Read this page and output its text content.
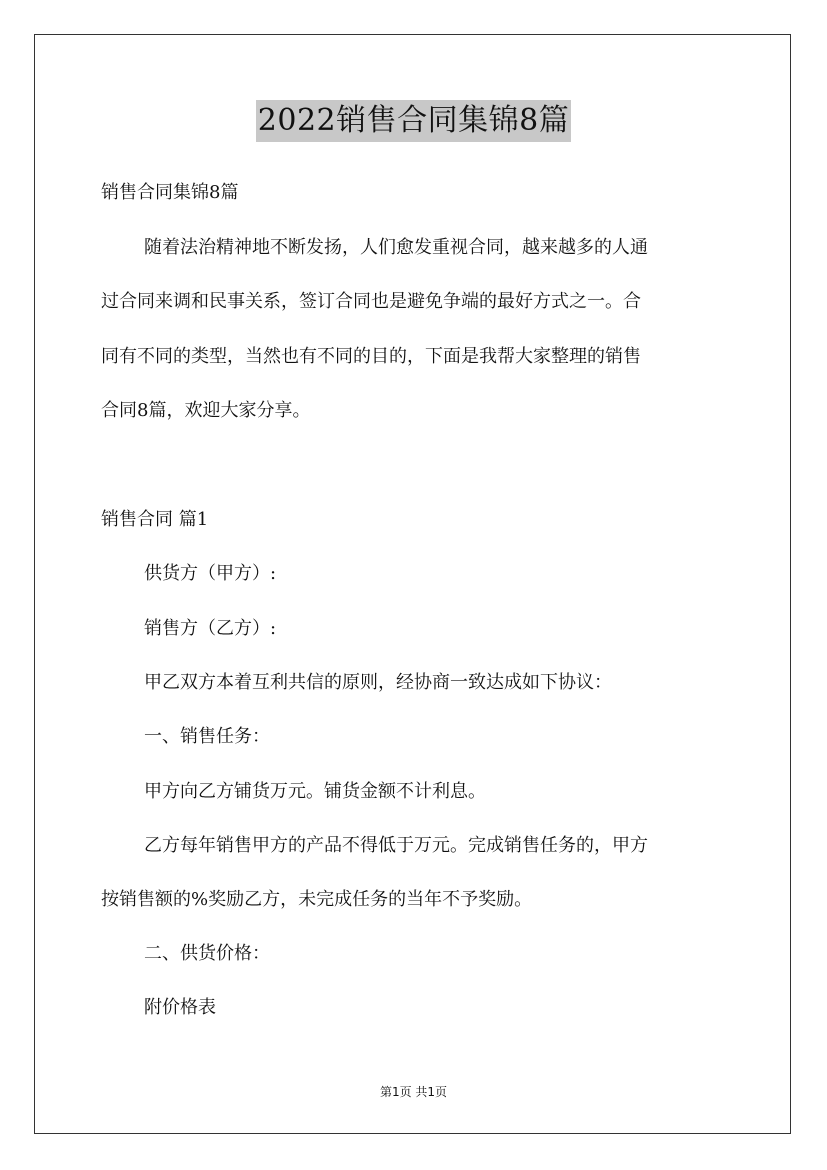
2022销售合同集锦8篇

销售合同集锦8篇

随着法治精神地不断发扬，人们愈发重视合同，越来越多的人通

过合同来调和民事关系，签订合同也是避免争端的最好方式之一。合

同有不同的类型，当然也有不同的目的，下面是我帮大家整理的销售

合同8篇，欢迎大家分享。

销售合同 篇1

供货方（甲方）:

销售方（乙方）:

甲乙双方本着互利共信的原则，经协商一致达成如下协议：

一、销售任务：

甲方向乙方铺货万元。铺货金额不计利息。

乙方每年销售甲方的产品不得低于万元。完成销售任务的，甲方

按销售额的%奖励乙方，未完成任务的当年不予奖励。

二、供货价格：

附价格表

第1页 共1页
